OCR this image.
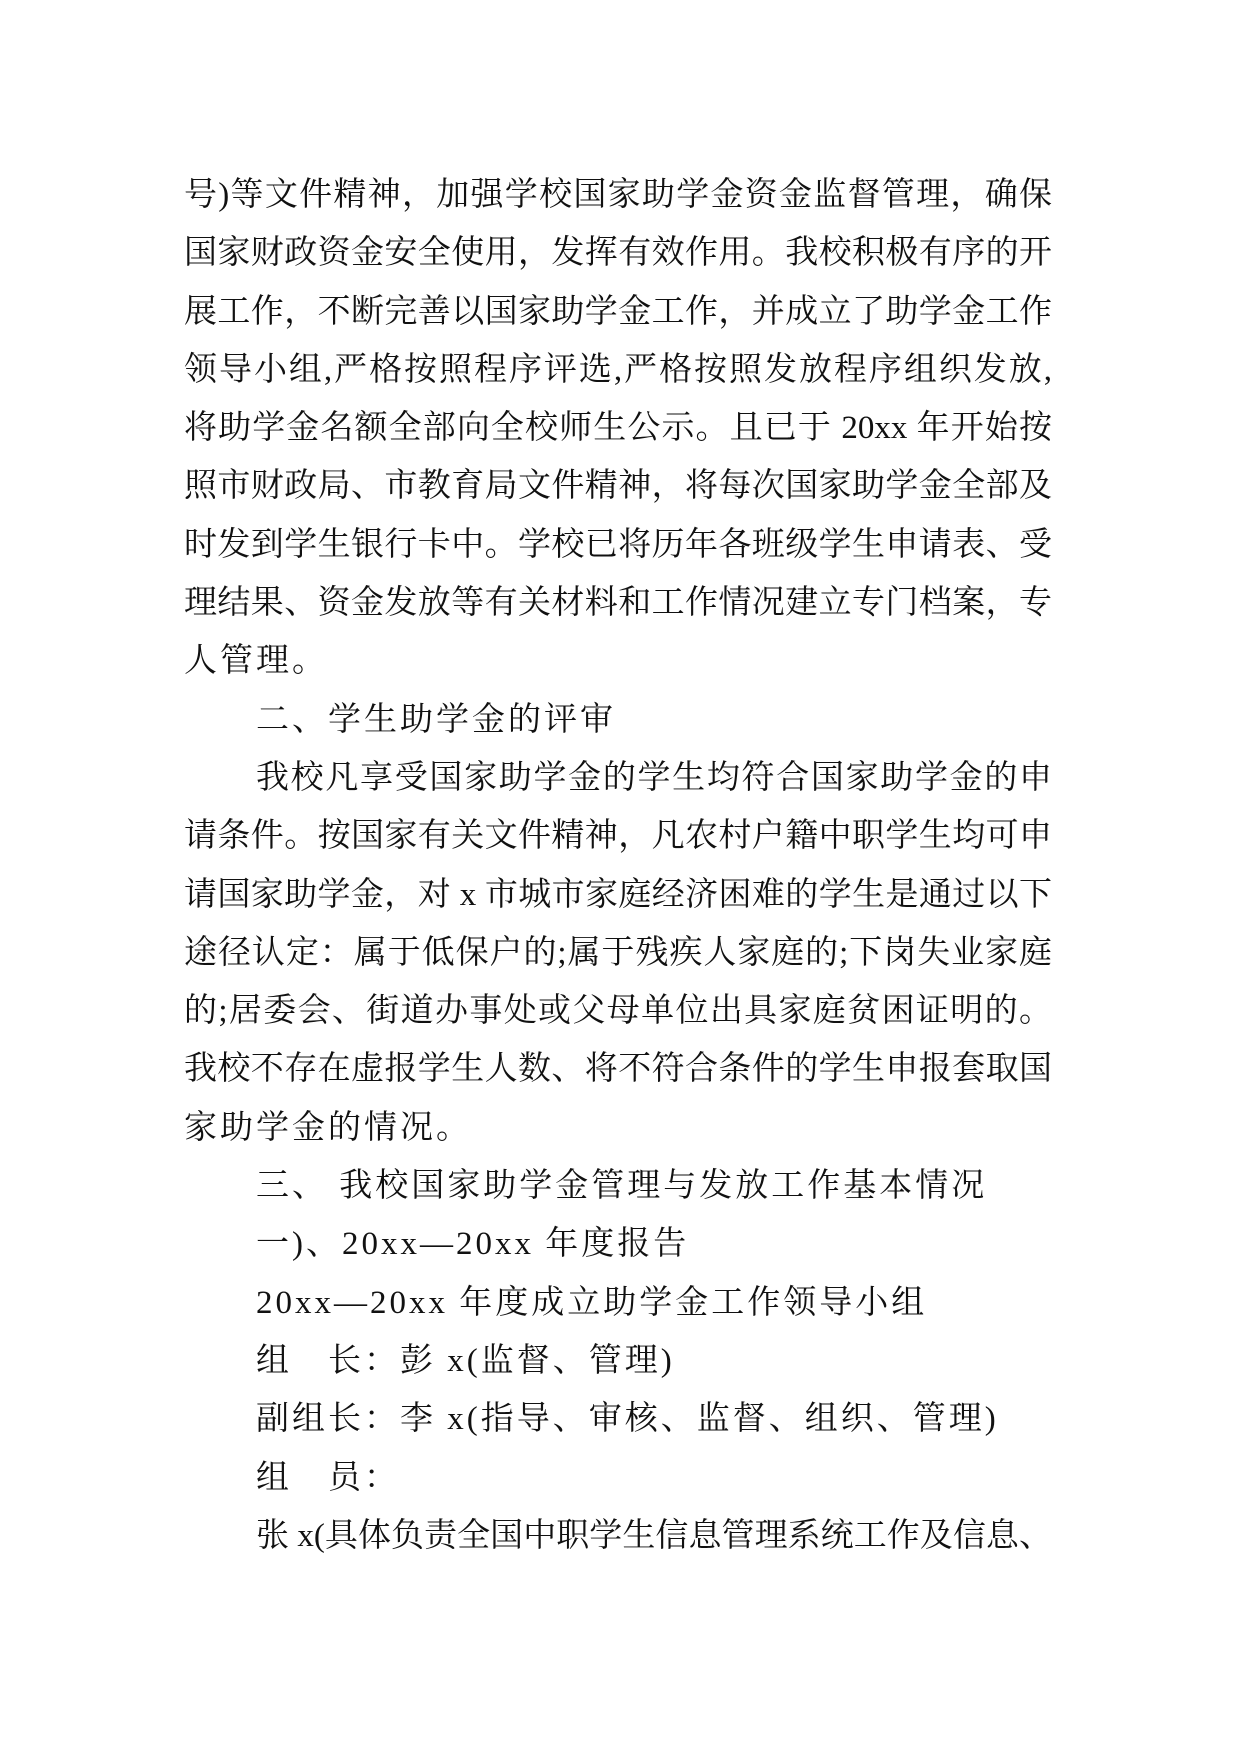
号)等文件精神，加强学校国家助学金资金监督管理，确保
国家财政资金安全使用，发挥有效作用。我校积极有序的开
展工作，不断完善以国家助学金工作，并成立了助学金工作
领导小组,严格按照程序评选,严格按照发放程序组织发放,
将助学金名额全部向全校师生公示。且已于 20xx 年开始按
照市财政局、市教育局文件精神，将每次国家助学金全部及
时发到学生银行卡中。学校已将历年各班级学生申请表、受
理结果、资金发放等有关材料和工作情况建立专门档案，专
人管理。
二、学生助学金的评审
我校凡享受国家助学金的学生均符合国家助学金的申
请条件。按国家有关文件精神，凡农村户籍中职学生均可申
请国家助学金，对 x 市城市家庭经济困难的学生是通过以下
途径认定：属于低保户的;属于残疾人家庭的;下岗失业家庭
的;居委会、街道办事处或父母单位出具家庭贫困证明的。
我校不存在虚报学生人数、将不符合条件的学生申报套取国
家助学金的情况。
三、 我校国家助学金管理与发放工作基本情况
一)、20xx—20xx 年度报告
20xx—20xx 年度成立助学金工作领导小组
组　长：彭 x(监督、管理)
副组长：李 x(指导、审核、监督、组织、管理)
组　员：
张 x(具体负责全国中职学生信息管理系统工作及信息、
